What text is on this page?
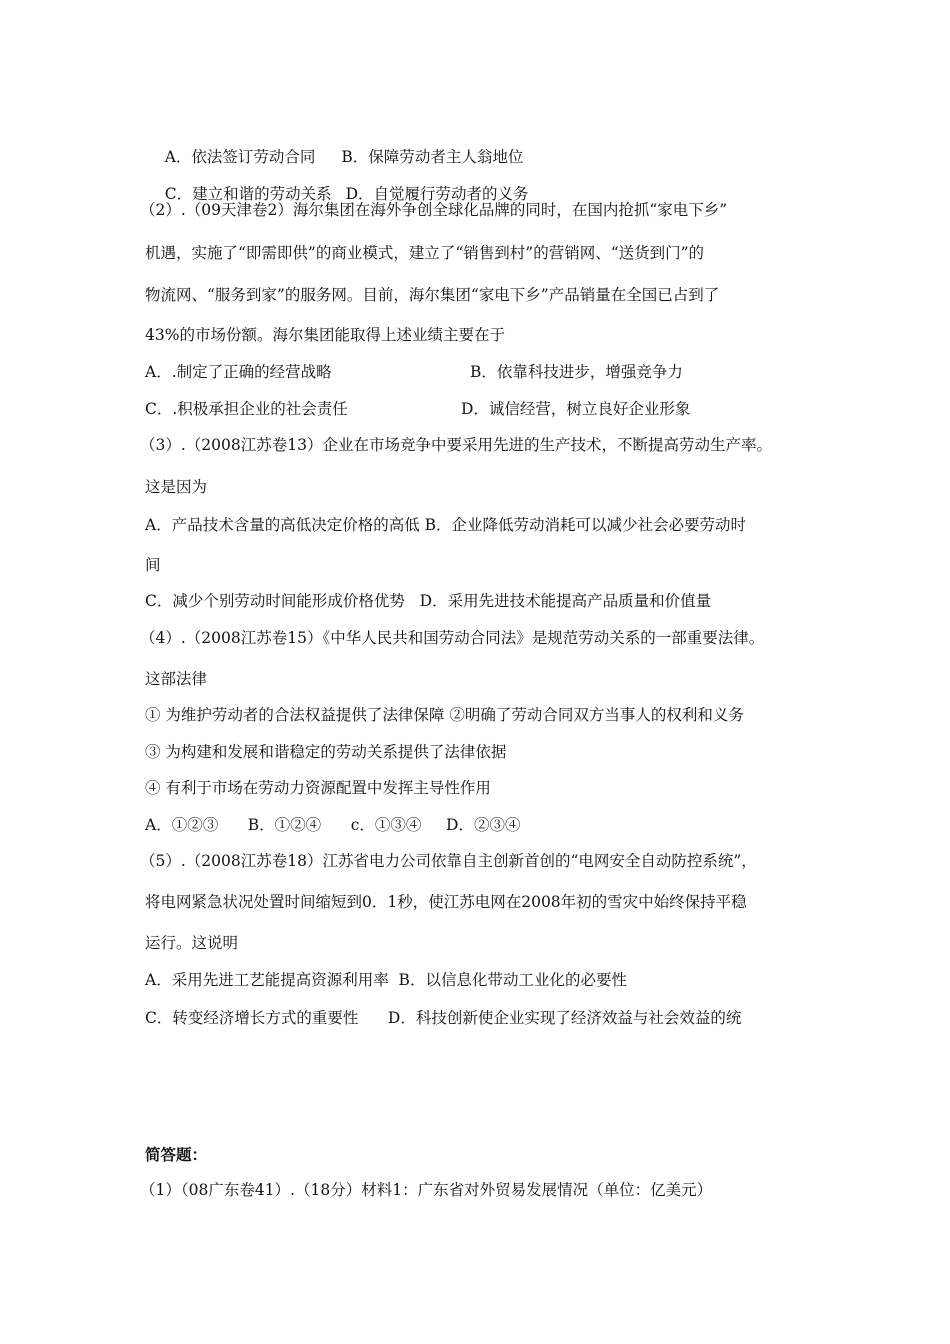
A．依法签订劳动合同 B．保障劳动者主人翁地位

C．建立和谐的劳动关系 D．自觉履行劳动者的义务

（2）.（09天津卷2）海尔集团在海外争创全球化品牌的同时，在国内抢抓“家电下乡”
机遇，实施了“即需即供”的商业模式，建立了“销售到村”的营销网、“送货到门”的
物流网、“服务到家”的服务网。目前，海尔集团“家电下乡”产品销量在全国已占到了
43%的市场份额。海尔集团能取得上述业绩主要在于
A．.制定了正确的经营战略	B．依靠科技进步，增强竞争力
C．.积极承担企业的社会责任	D．诚信经营，树立良好企业形象
（3）.（2008江苏卷13）企业在市场竞争中要采用先进的生产技术，不断提高劳动生产率。
这是因为
A．产品技术含量的高低决定价格的高低 B．企业降低劳动消耗可以减少社会必要劳动时
间
C．减少个别劳动时间能形成价格优势   D．采用先进技术能提高产品质量和价值量
（4）.（2008江苏卷15）《中华人民共和国劳动合同法》是规范劳动关系的一部重要法律。
这部法律
① 为维护劳动者的合法权益提供了法律保障 ②明确了劳动合同双方当事人的权利和义务
③ 为构建和发展和谐稳定的劳动关系提供了法律依据
④ 有利于市场在劳动力资源配置中发挥主导性作用
A．①②③      B．①②④      c．①③④     D．②③④
（5）.（2008江苏卷18）江苏省电力公司依靠自主创新首创的“电网安全自动防控系统”，
将电网紧急状况处置时间缩短到0．1秒，使江苏电网在2008年初的雪灾中始终保持平稳
运行。这说明
A．采用先进工艺能提高资源利用率  B．以信息化带动工业化的必要性
C．转变经济增长方式的重要性      D．科技创新使企业实现了经济效益与社会效益的统
简答题：
（1）（08广东卷41）.（18分）材料1：广东省对外贸易发展情况（单位：亿美元）
